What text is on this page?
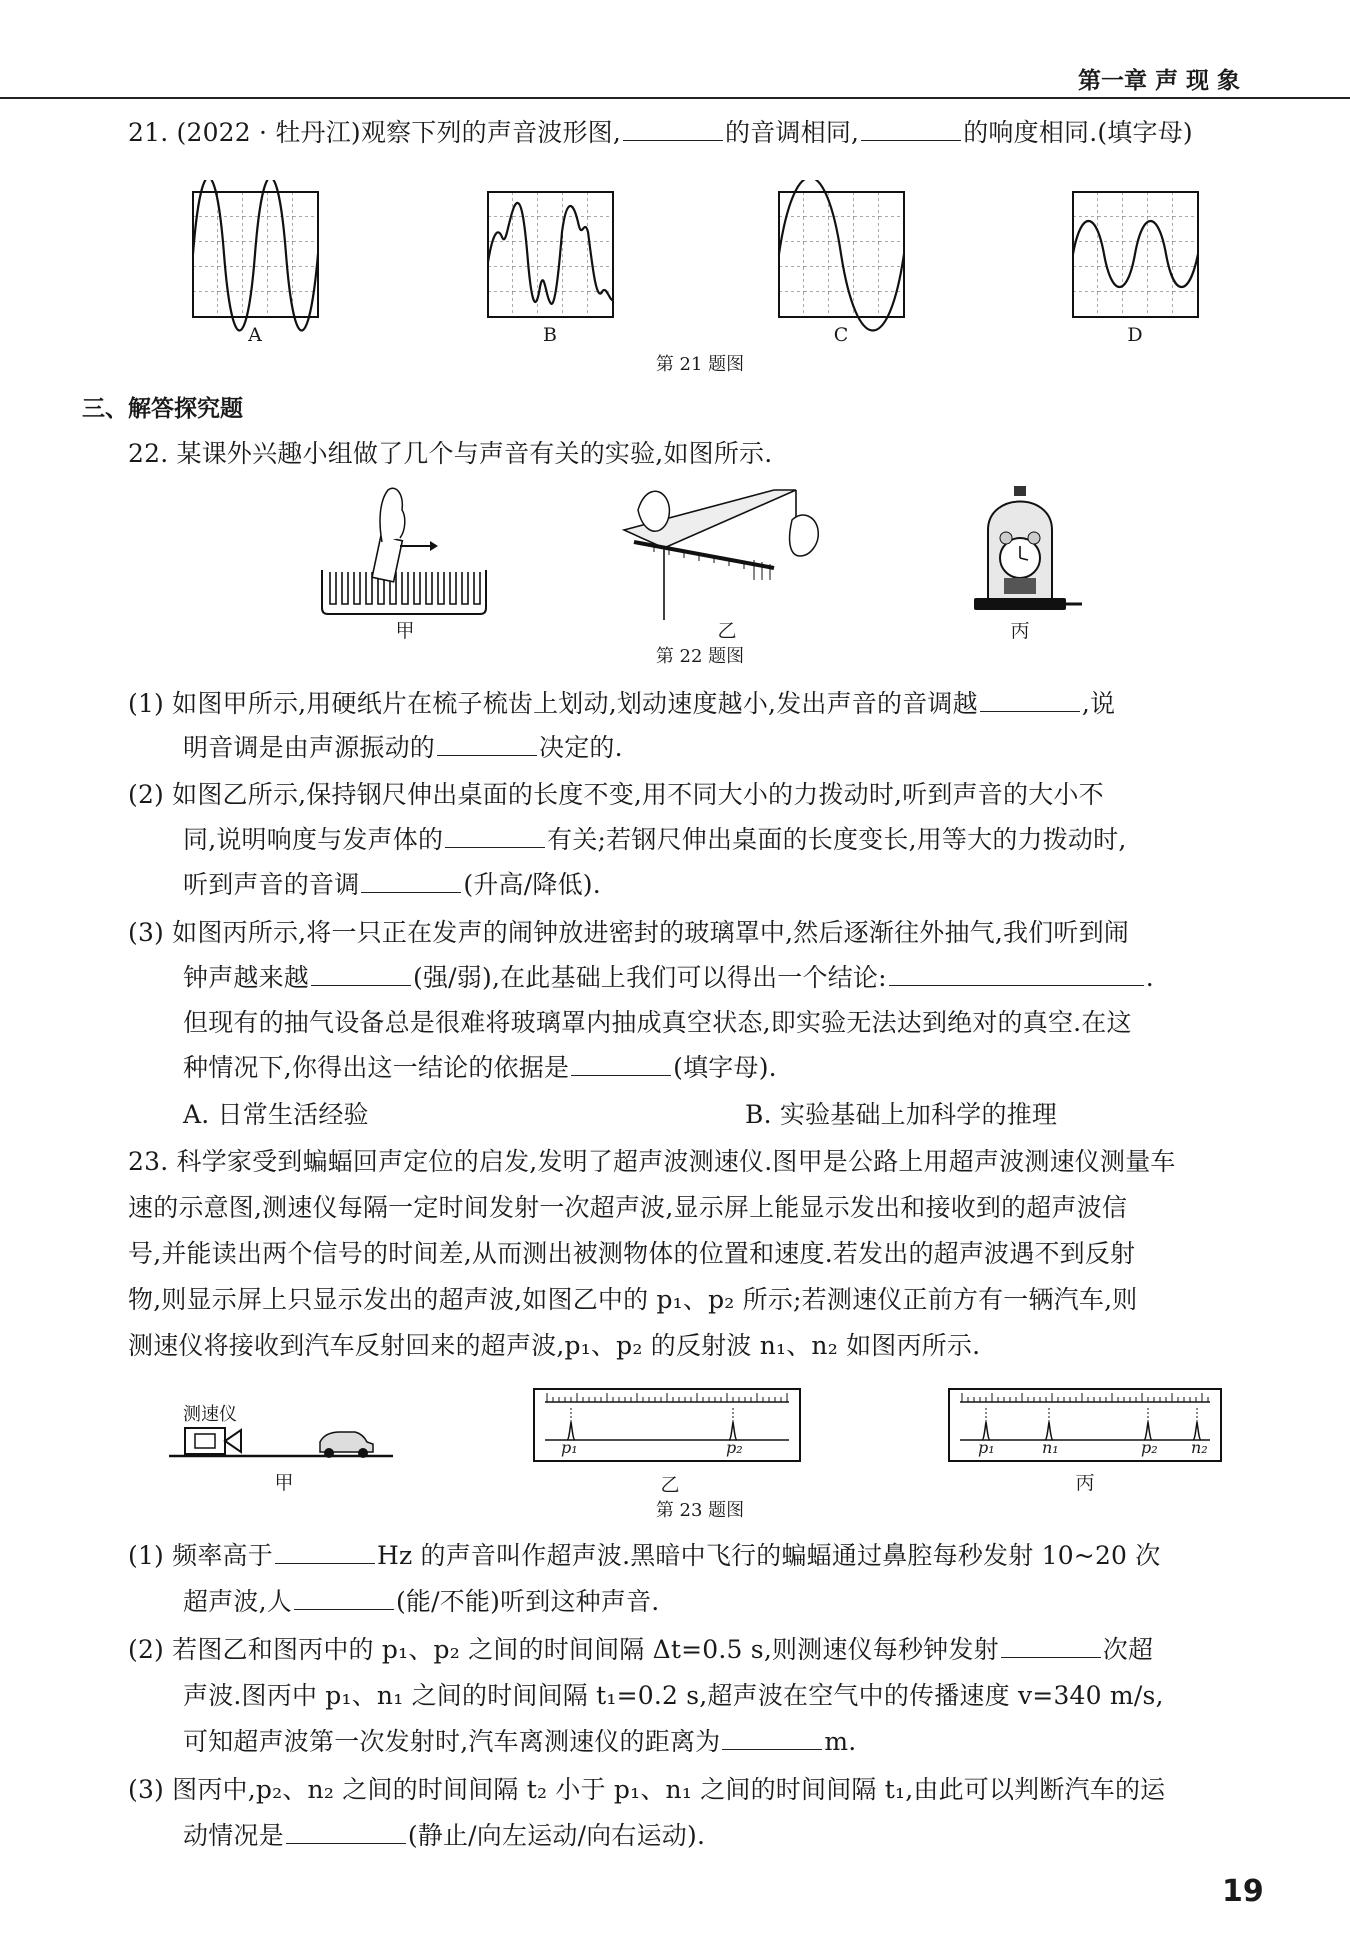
第一章 声 现 象
21. (2022 · 牡丹江)观察下列的声音波形图,	的音调相同,	的响度相同.(填字母)
A	B	C	D
第 21 题图
三、解答探究题
22. 某课外兴趣小组做了几个与声音有关的实验,如图所示.
甲	乙	丙
第 22 题图
(1) 如图甲所示,用硬纸片在梳子梳齿上划动,划动速度越小,发出声音的音调越	,说
明音调是由声源振动的	决定的.
(2) 如图乙所示,保持钢尺伸出桌面的长度不变,用不同大小的力拨动时,听到声音的大小不
同,说明响度与发声体的	有关;若钢尺伸出桌面的长度变长,用等大的力拨动时,
听到声音的音调	(升高/降低).
(3) 如图丙所示,将一只正在发声的闹钟放进密封的玻璃罩中,然后逐渐往外抽气,我们听到闹
钟声越来越	(强/弱),在此基础上我们可以得出一个结论:	.
但现有的抽气设备总是很难将玻璃罩内抽成真空状态,即实验无法达到绝对的真空.在这
种情况下,你得出这一结论的依据是	(填字母).
A. 日常生活经验	B. 实验基础上加科学的推理
23. 科学家受到蝙蝠回声定位的启发,发明了超声波测速仪.图甲是公路上用超声波测速仪测量车
速的示意图,测速仪每隔一定时间发射一次超声波,显示屏上能显示发出和接收到的超声波信
号,并能读出两个信号的时间差,从而测出被测物体的位置和速度.若发出的超声波遇不到反射
物,则显示屏上只显示发出的超声波,如图乙中的 p₁、p₂ 所示;若测速仪正前方有一辆汽车,则
测速仪将接收到汽车反射回来的超声波,p₁、p₂ 的反射波 n₁、n₂ 如图丙所示.
测速仪
甲
p₁	p₂
乙
p₁	n₁	p₂ n₂
丙
第 23 题图
(1) 频率高于	Hz 的声音叫作超声波.黑暗中飞行的蝙蝠通过鼻腔每秒发射 10~20 次
超声波,人	(能/不能)听到这种声音.
(2) 若图乙和图丙中的 p₁、p₂ 之间的时间间隔 Δt=0.5 s,则测速仪每秒钟发射	次超
声波.图丙中 p₁、n₁ 之间的时间间隔 t₁=0.2 s,超声波在空气中的传播速度 v=340 m/s,
可知超声波第一次发射时,汽车离测速仪的距离为	m.
(3) 图丙中,p₂、n₂ 之间的时间间隔 t₂ 小于 p₁、n₁ 之间的时间间隔 t₁,由此可以判断汽车的运
动情况是	(静止/向左运动/向右运动).
19
